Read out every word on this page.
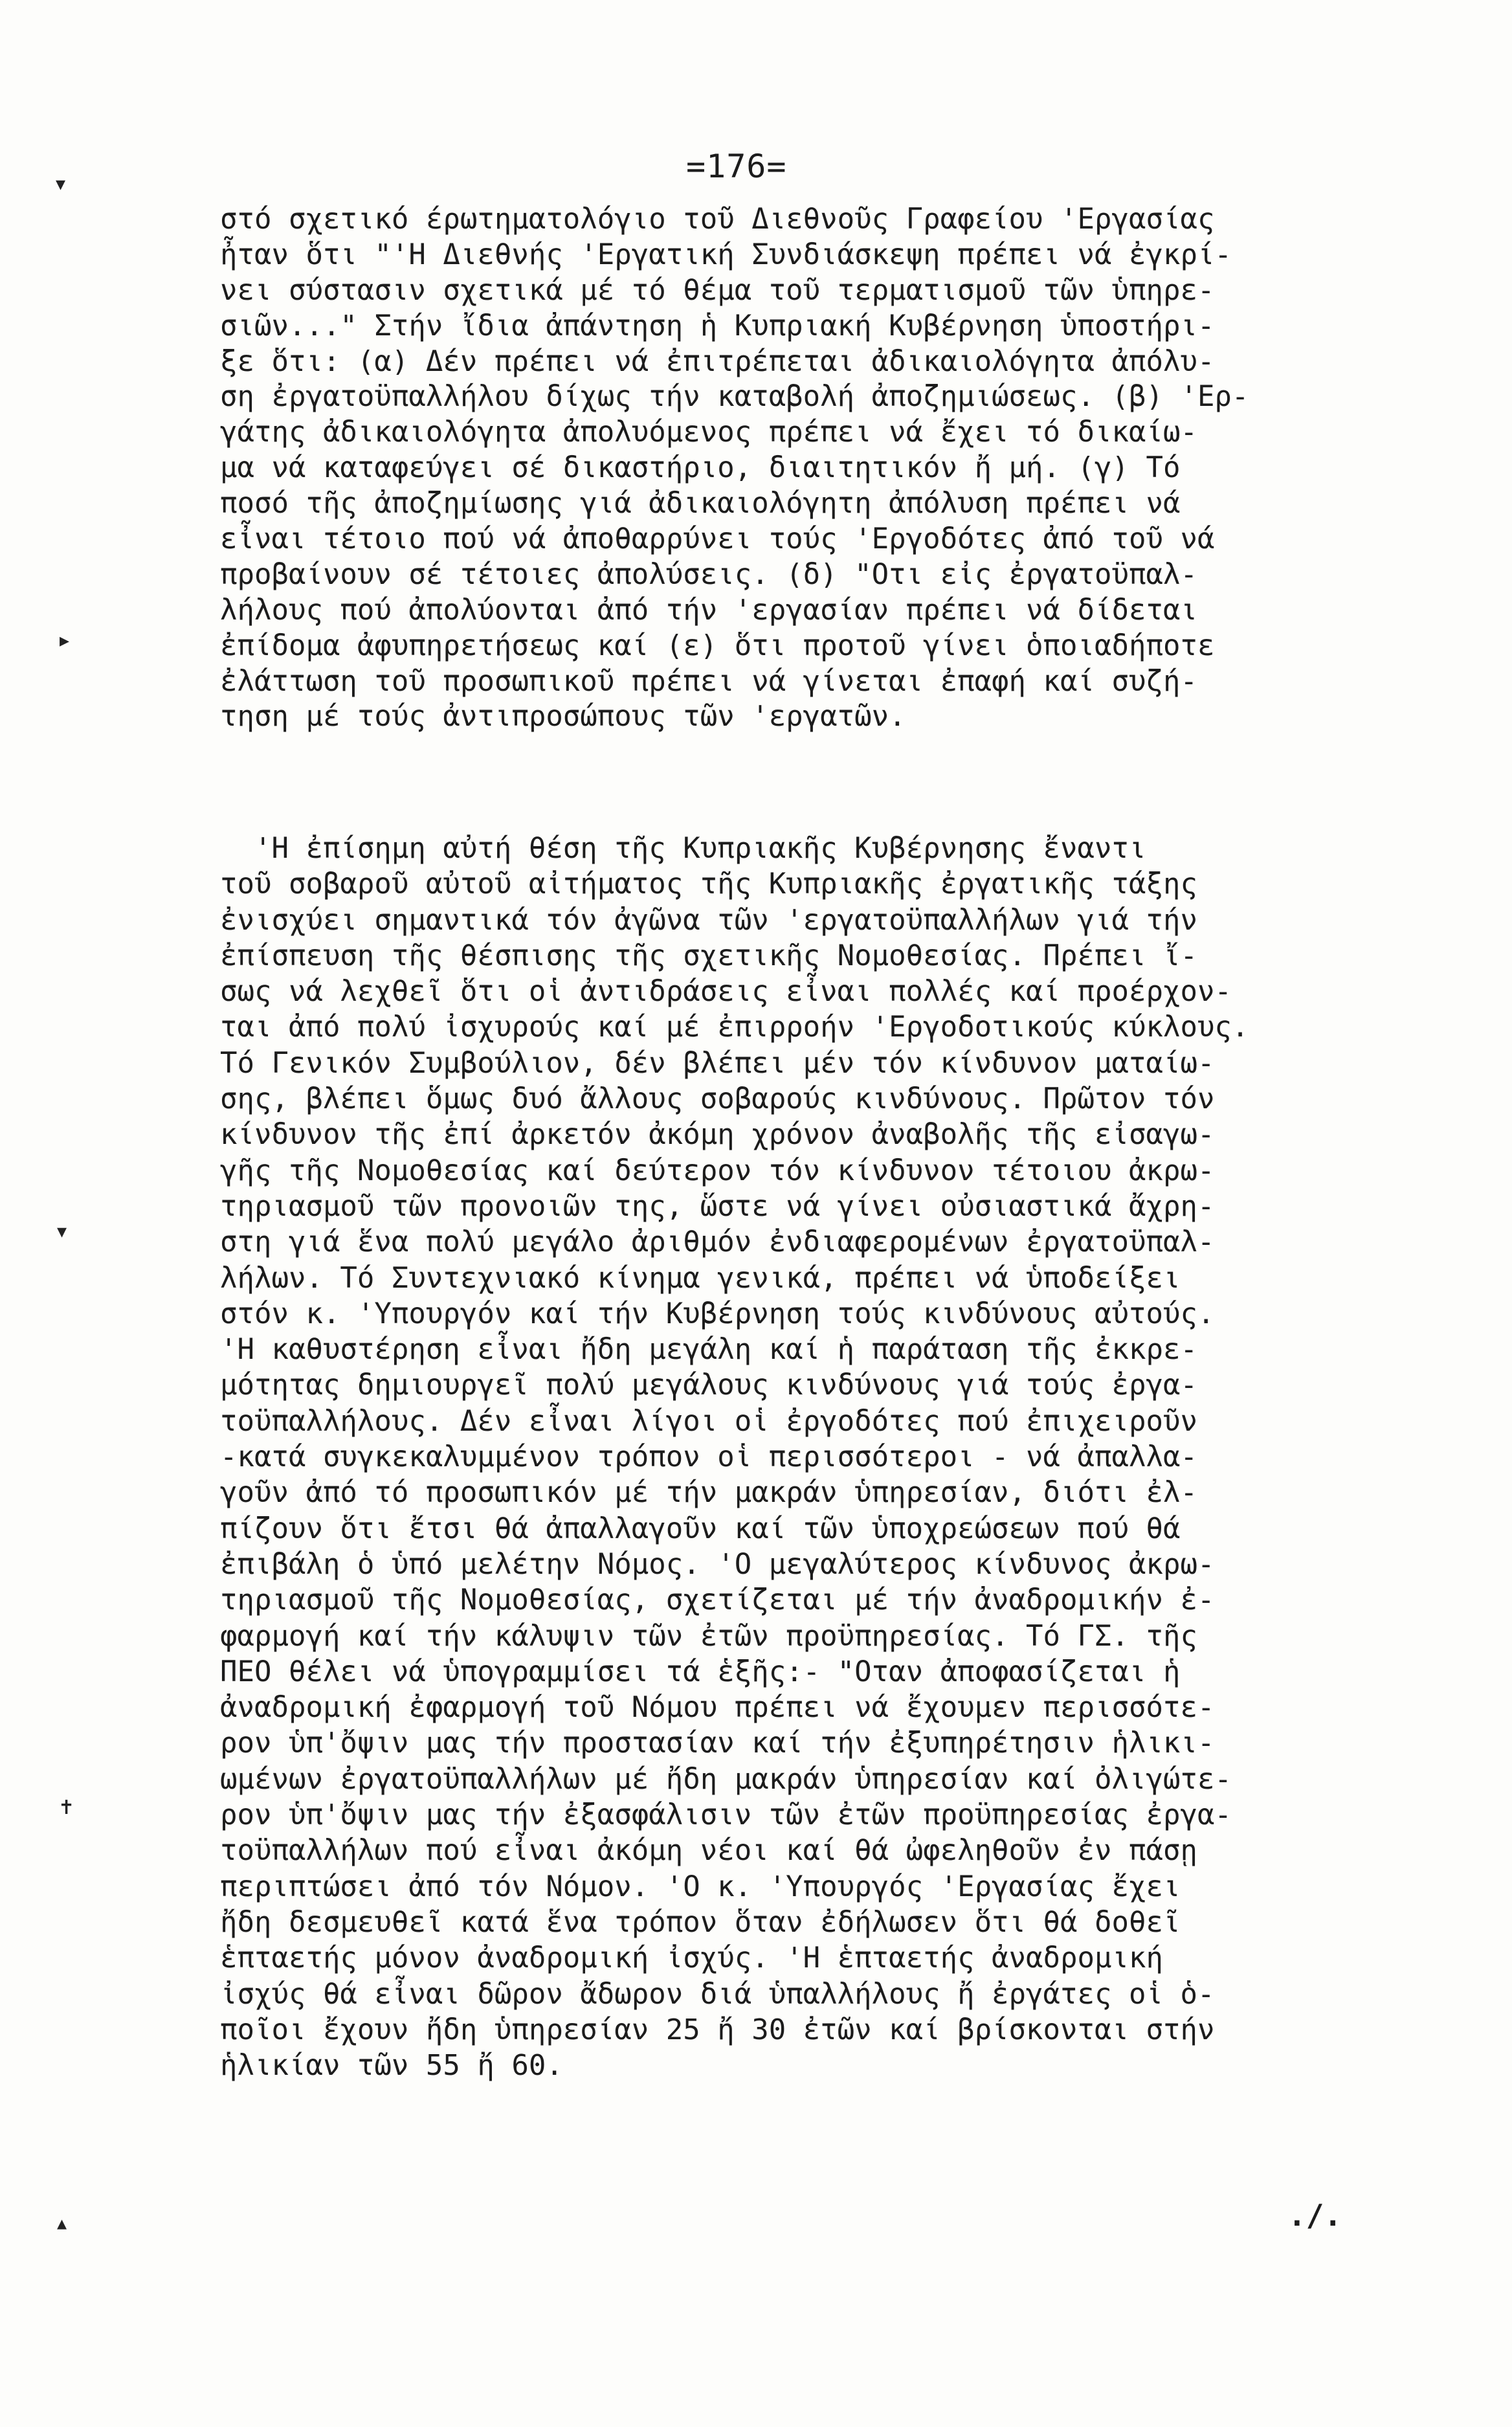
▾
▸
▾
✝
▴
=176=
στό σχετικό έρωτηματολόγιο τοῦ Διεθνοῦς Γραφείου 'Εργασίας
ἦταν ὅτι "'Η Διεθνής 'Εργατική Συνδιάσκεψη πρέπει νά ἐγκρί-
νει σύστασιν σχετικά μέ τό θέμα τοῦ τερματισμοῦ τῶν ὑπηρε-
σιῶν..." Στήν ἴδια ἀπάντηση ἡ Κυπριακή Κυβέρνηση ὑποστήρι-
ξε ὅτι: (α) Δέν πρέπει νά ἐπιτρέπεται ἀδικαιολόγητα ἀπόλυ-
ση ἐργατοϋπαλλήλου δίχως τήν καταβολή ἀποζημιώσεως. (β) 'Ερ-
γάτης ἀδικαιολόγητα ἀπολυόμενος πρέπει νά ἔχει τό δικαίω-
μα νά καταφεύγει σέ δικαστήριο, διαιτητικόν ἤ μή. (γ) Τό
ποσό τῆς ἀποζημίωσης γιά ἀδικαιολόγητη ἀπόλυση πρέπει νά
εἶναι τέτοιο πού νά ἀποθαρρύνει τούς 'Εργοδότες ἀπό τοῦ νά
προβαίνουν σέ τέτοιες ἀπολύσεις. (δ) "Οτι εἰς ἐργατοϋπαλ-
λήλους πού ἀπολύονται ἀπό τήν 'εργασίαν πρέπει νά δίδεται
ἐπίδομα ἀφυπηρετήσεως καί (ε) ὅτι προτοῦ γίνει ὁποιαδήποτε
ἐλάττωση τοῦ προσωπικοῦ πρέπει νά γίνεται ἐπαφή καί συζή-
τηση μέ τούς ἀντιπροσώπους τῶν 'εργατῶν.
'Η ἐπίσημη αὐτή θέση τῆς Κυπριακῆς Κυβέρνησης ἔναντι
τοῦ σοβαροῦ αὐτοῦ αἰτήματος τῆς Κυπριακῆς ἐργατικῆς τάξης
ἐνισχύει σημαντικά τόν ἀγῶνα τῶν 'εργατοϋπαλλήλων γιά τήν
ἐπίσπευση τῆς θέσπισης τῆς σχετικῆς Νομοθεσίας. Πρέπει ἴ-
σως νά λεχθεῖ ὅτι οἱ ἀντιδράσεις εἶναι πολλές καί προέρχον-
ται ἀπό πολύ ἰσχυρούς καί μέ ἐπιρροήν 'Εργοδοτικούς κύκλους.
Τό Γενικόν Συμβούλιον, δέν βλέπει μέν τόν κίνδυνον ματαίω-
σης, βλέπει ὅμως δυό ἄλλους σοβαρούς κινδύνους. Πρῶτον τόν
κίνδυνον τῆς ἐπί ἀρκετόν ἀκόμη χρόνον ἀναβολῆς τῆς εἰσαγω-
γῆς τῆς Νομοθεσίας καί δεύτερον τόν κίνδυνον τέτοιου ἀκρω-
τηριασμοῦ τῶν προνοιῶν της, ὥστε νά γίνει οὐσιαστικά ἄχρη-
στη γιά ἕνα πολύ μεγάλο ἀριθμόν ἐνδιαφερομένων ἐργατοϋπαλ-
λήλων. Τό Συντεχνιακό κίνημα γενικά, πρέπει νά ὑποδείξει
στόν κ. 'Υπουργόν καί τήν Κυβέρνηση τούς κινδύνους αὐτούς.
'Η καθυστέρηση εἶναι ἤδη μεγάλη καί ἡ παράταση τῆς ἐκκρε-
μότητας δημιουργεῖ πολύ μεγάλους κινδύνους γιά τούς ἐργα-
τοϋπαλλήλους. Δέν εἶναι λίγοι οἱ ἐργοδότες πού ἐπιχειροῦν
-κατά συγκεκαλυμμένον τρόπον οἱ περισσότεροι - νά ἀπαλλα-
γοῦν ἀπό τό προσωπικόν μέ τήν μακράν ὑπηρεσίαν, διότι ἐλ-
πίζουν ὅτι ἔτσι θά ἀπαλλαγοῦν καί τῶν ὑποχρεώσεων πού θά
ἐπιβάλη ὁ ὑπό μελέτην Νόμος. 'Ο μεγαλύτερος κίνδυνος ἀκρω-
τηριασμοῦ τῆς Νομοθεσίας, σχετίζεται μέ τήν ἀναδρομικήν ἐ-
φαρμογή καί τήν κάλυψιν τῶν ἐτῶν προϋπηρεσίας. Τό ΓΣ. τῆς
ΠΕΟ θέλει νά ὑπογραμμίσει τά ἑξῆς:- "Οταν ἀποφασίζεται ἡ
ἀναδρομική ἐφαρμογή τοῦ Νόμου πρέπει νά ἔχουμεν περισσότε-
ρον ὑπ'ὄψιν μας τήν προστασίαν καί τήν ἐξυπηρέτησιν ἡλικι-
ωμένων ἐργατοϋπαλλήλων μέ ἤδη μακράν ὑπηρεσίαν καί ὀλιγώτε-
ρον ὑπ'ὄψιν μας τήν ἐξασφάλισιν τῶν ἐτῶν προϋπηρεσίας ἐργα-
τοϋπαλλήλων πού εἶναι ἀκόμη νέοι καί θά ὠφεληθοῦν ἐν πάσῃ
περιπτώσει ἀπό τόν Νόμον. 'Ο κ. 'Υπουργός 'Εργασίας ἔχει
ἤδη δεσμευθεῖ κατά ἕνα τρόπον ὅταν ἐδήλωσεν ὅτι θά δοθεῖ
ἑπταετής μόνον ἀναδρομική ἰσχύς. 'Η ἑπταετής ἀναδρομική
ἰσχύς θά εἶναι δῶρον ἄδωρον διά ὑπαλλήλους ἤ ἐργάτες οἱ ὁ-
ποῖοι ἔχουν ἤδη ὑπηρεσίαν 25 ἤ 30 ἐτῶν καί βρίσκονται στήν
ἡλικίαν τῶν 55 ἤ 60.
./.
